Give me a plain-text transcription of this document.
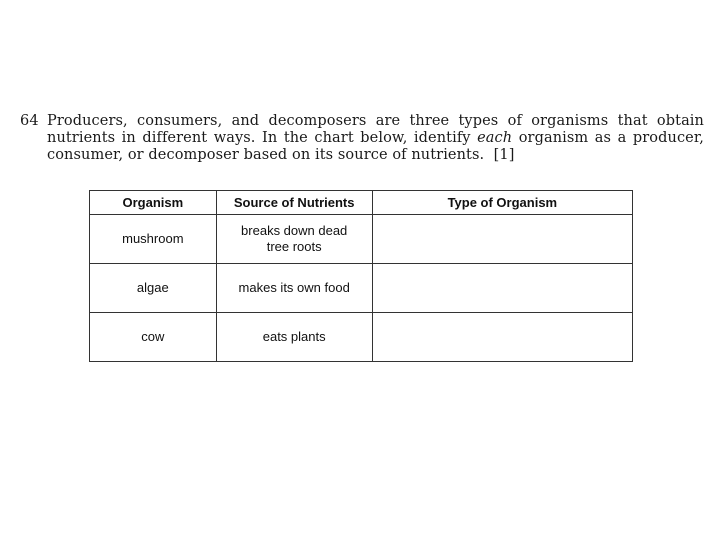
64 Producers, consumers, and decomposers are three types of organisms that obtain nutrients in different ways. In the chart below, identify each organism as a producer, consumer, or decomposer based on its source of nutrients. [1]
Organism	Source of Nutrients	Type of Organism
mushroom	breaks down dead
tree roots	
algae	makes its own food	
cow	eats plants	
